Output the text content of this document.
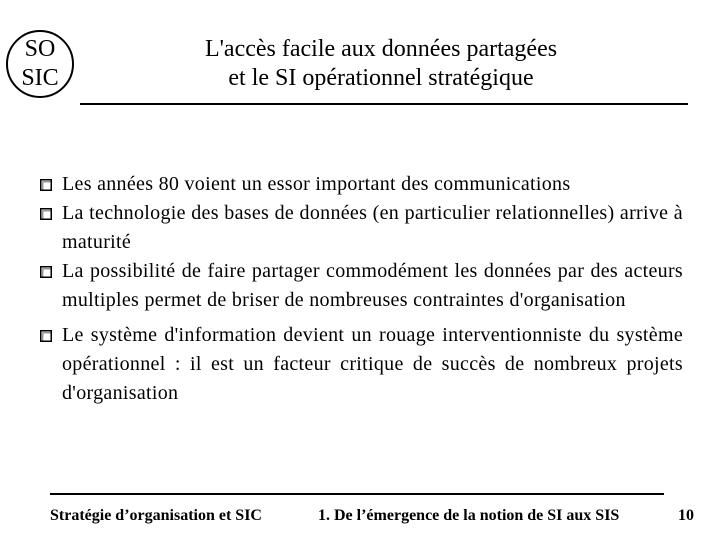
SO
SIC
L'accès facile aux données partagées
et le SI opérationnel stratégique
Les années 80 voient un essor important des communications
La technologie des bases de données (en particulier relationnelles) arrive à maturité
La possibilité de faire partager commodément les données par des acteurs multiples permet de briser de nombreuses contraintes d'organisation
Le système d'information devient un rouage interventionniste du système opérationnel : il est un facteur critique de succès de nombreux projets d'organisation
Stratégie d’organisation et SIC	1. De l’émergence de la notion de SI aux SIS	10
